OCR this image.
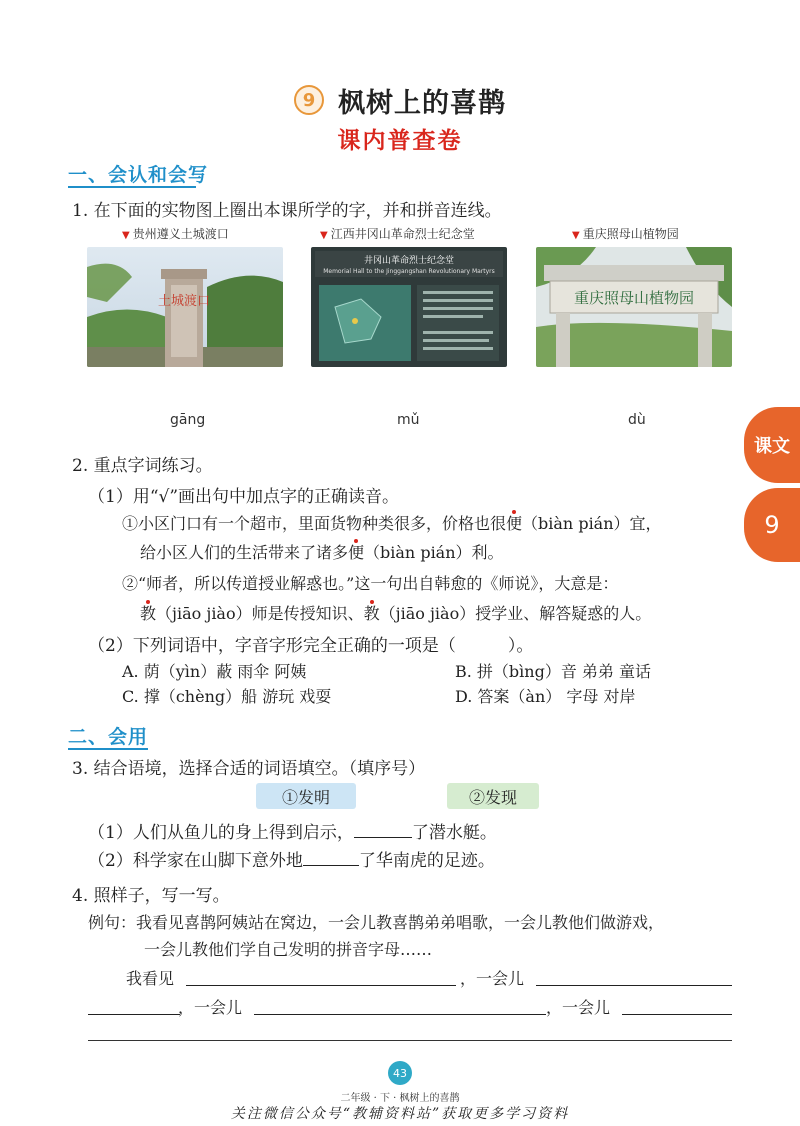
9 枫树上的喜鹊
课内普查卷
一、会认和会写
1. 在下面的实物图上圈出本课所学的字，并和拼音连线。
▼ 贵州遵义土城渡口	▼ 江西井冈山革命烈士纪念堂	▼ 重庆照母山植物园
土城渡口
井冈山革命烈士纪念堂
Memorial Hall to the Jinggangshan Revolutionary Martyrs
重庆照母山植物园
gāng	mǔ	dù
课文
9
2. 重点字词练习。
（1）用“√”画出句中加点字的正确读音。
①小区门口有一个超市，里面货物种类很多，价格也很便（biàn pián）宜，
给小区人们的生活带来了诸多便（biàn pián）利。
②“师者，所以传道授业解惑也。”这一句出自韩愈的《师说》，大意是：
教（jiāo jiào）师是传授知识、教（jiāo jiào）授学业、解答疑惑的人。
（2）下列词语中，字音字形完全正确的一项是（	）。
A. 荫（yìn）蔽 雨伞 阿姨	B. 拼（bìng）音 弟弟 童话
C. 撑（chèng）船 游玩 戏耍	D. 答案（àn） 字母 对岸
二、会用
3. 结合语境，选择合适的词语填空。（填序号）
①发明	②发现
（1）人们从鱼儿的身上得到启示，	了潜水艇。
（2）科学家在山脚下意外地	了华南虎的足迹。
4. 照样子，写一写。
例句：我看见喜鹊阿姨站在窝边，一会儿教喜鹊弟弟唱歌，一会儿教他们做游戏，
一会儿教他们学自己发明的拼音字母……
我看见	，一会儿
，一会儿	，一会儿
43
二年级 · 下 · 枫树上的喜鹊
关注微信公众号“教辅资料站”获取更多学习资料
